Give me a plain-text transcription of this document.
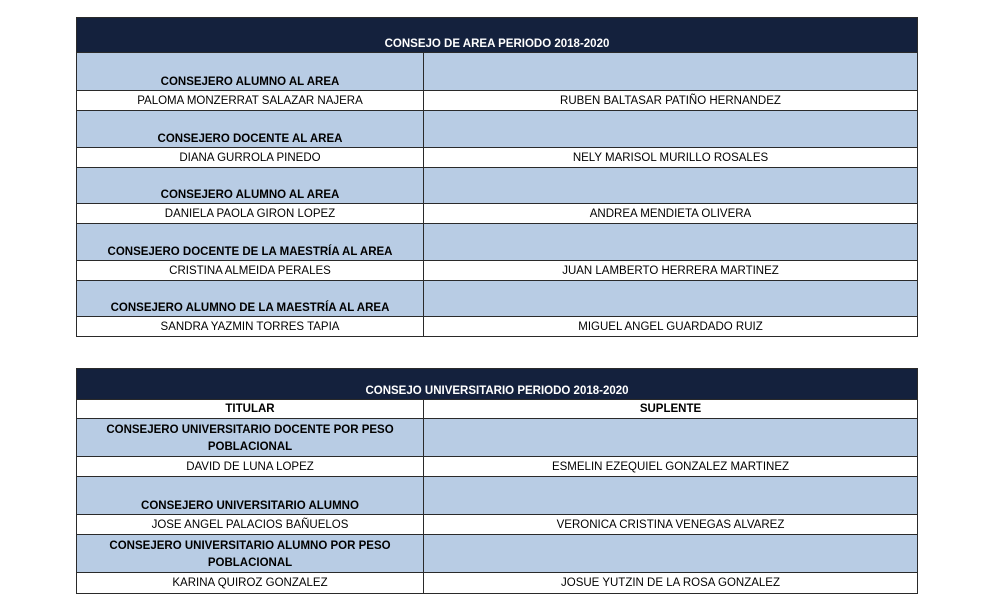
CONSEJO DE AREA PERIODO 2018-2020	
CONSEJERO ALUMNO AL AREA	
PALOMA MONZERRAT SALAZAR NAJERA	RUBEN BALTASAR PATIÑO HERNANDEZ
CONSEJERO DOCENTE AL AREA	
DIANA GURROLA PINEDO	NELY MARISOL MURILLO ROSALES
CONSEJERO ALUMNO AL AREA	
DANIELA PAOLA GIRON LOPEZ	ANDREA MENDIETA OLIVERA
CONSEJERO DOCENTE DE LA MAESTRÍA AL AREA	
CRISTINA ALMEIDA PERALES	JUAN LAMBERTO HERRERA MARTINEZ
CONSEJERO ALUMNO DE LA MAESTRÍA AL AREA	
SANDRA YAZMIN TORRES TAPIA	MIGUEL ANGEL GUARDADO RUIZ
CONSEJO UNIVERSITARIO PERIODO 2018-2020	
TITULAR	SUPLENTE
CONSEJERO UNIVERSITARIO DOCENTE POR PESO POBLACIONAL	
DAVID DE LUNA LOPEZ	ESMELIN EZEQUIEL GONZALEZ MARTINEZ
CONSEJERO UNIVERSITARIO ALUMNO	
JOSE ANGEL PALACIOS BAÑUELOS	VERONICA CRISTINA VENEGAS ALVAREZ
CONSEJERO UNIVERSITARIO ALUMNO POR PESO POBLACIONAL	
KARINA QUIROZ GONZALEZ	JOSUE YUTZIN DE LA ROSA GONZALEZ
